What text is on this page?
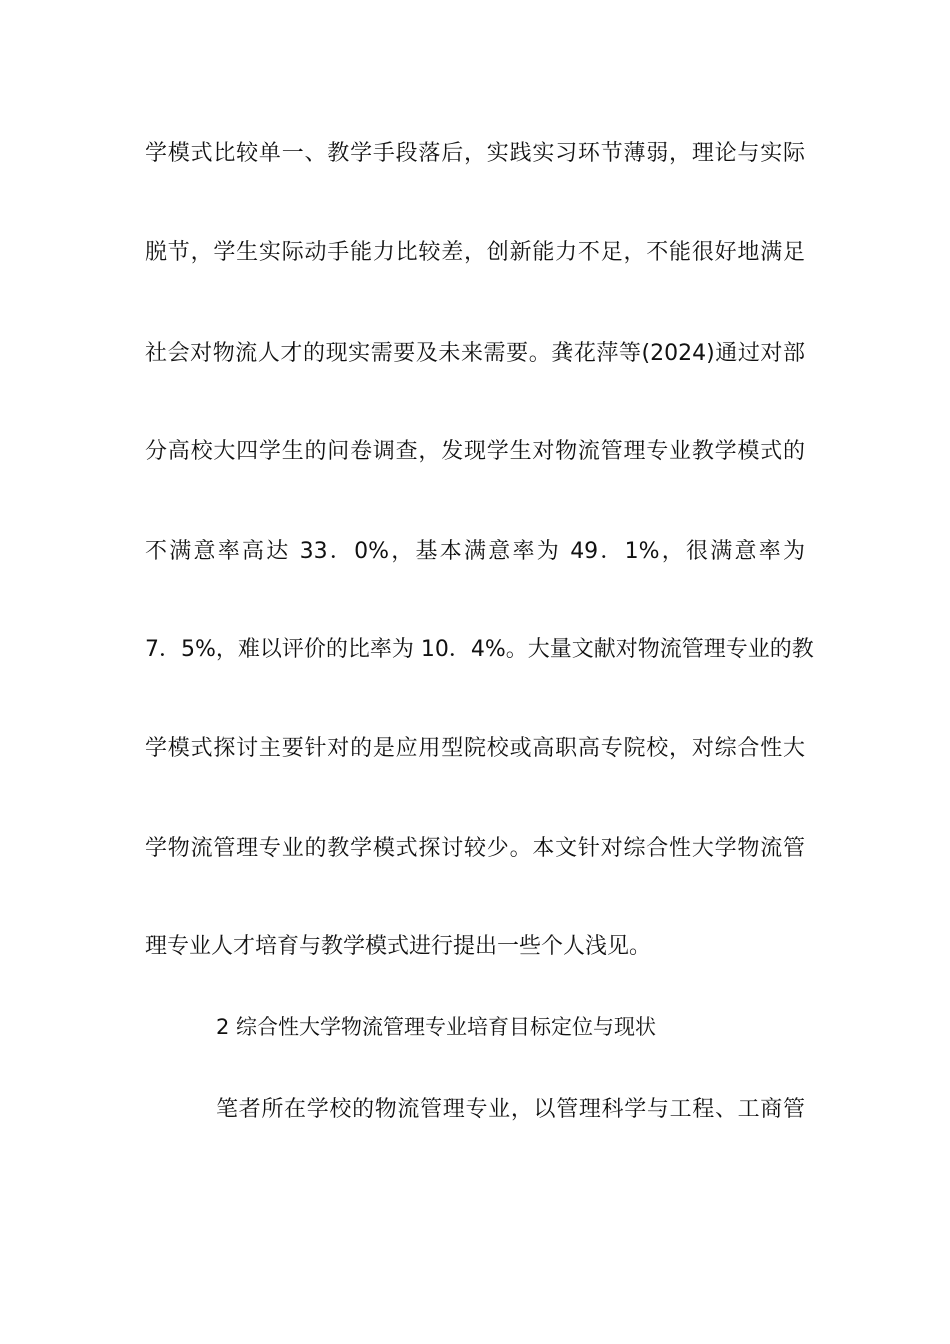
学模式比较单一、教学手段落后，实践实习环节薄弱，理论与实际
脱节，学生实际动手能力比较差，创新能力不足，不能很好地满足
社会对物流人才的现实需要及未来需要。龚花萍等(2024)通过对部
分高校大四学生的问卷调查，发现学生对物流管理专业教学模式的
不满意率高达 33．0%，基本满意率为 49．1%，很满意率为
7．5%，难以评价的比率为 10．4%。大量文献对物流管理专业的教
学模式探讨主要针对的是应用型院校或高职高专院校，对综合性大
学物流管理专业的教学模式探讨较少。本文针对综合性大学物流管
理专业人才培育与教学模式进行提出一些个人浅见。
2 综合性大学物流管理专业培育目标定位与现状
笔者所在学校的物流管理专业，以管理科学与工程、工商管
